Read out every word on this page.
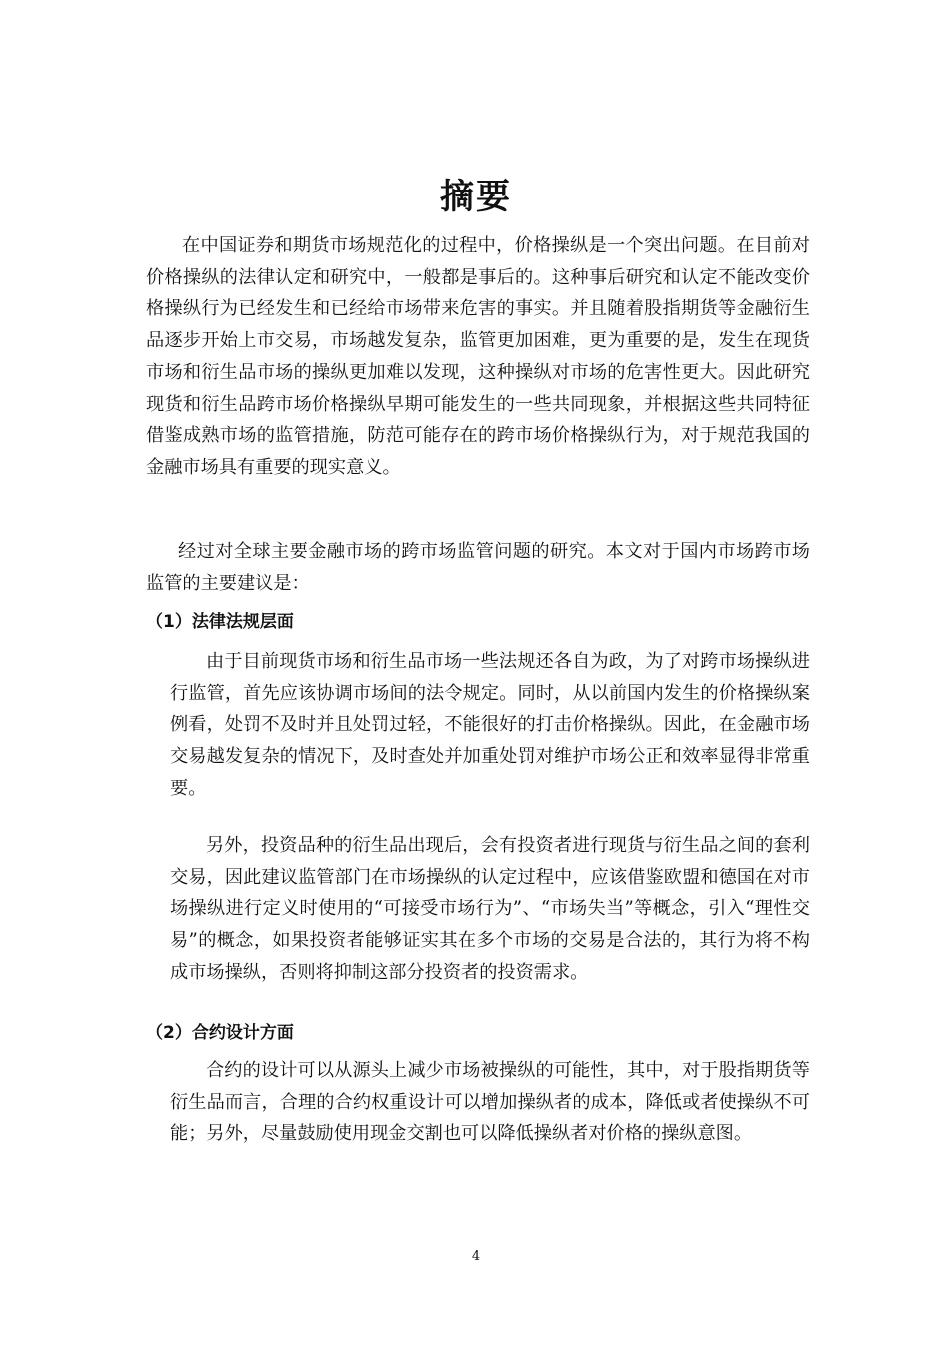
摘要

在中国证券和期货市场规范化的过程中，价格操纵是一个突出问题。在目前对价格操纵的法律认定和研究中，一般都是事后的。这种事后研究和认定不能改变价格操纵行为已经发生和已经给市场带来危害的事实。并且随着股指期货等金融衍生品逐步开始上市交易，市场越发复杂，监管更加困难，更为重要的是，发生在现货市场和衍生品市场的操纵更加难以发现，这种操纵对市场的危害性更大。因此研究现货和衍生品跨市场价格操纵早期可能发生的一些共同现象，并根据这些共同特征借鉴成熟市场的监管措施，防范可能存在的跨市场价格操纵行为，对于规范我国的金融市场具有重要的现实意义。

经过对全球主要金融市场的跨市场监管问题的研究。本文对于国内市场跨市场监管的主要建议是：

（1）法律法规层面

由于目前现货市场和衍生品市场一些法规还各自为政，为了对跨市场操纵进行监管，首先应该协调市场间的法令规定。同时，从以前国内发生的价格操纵案例看，处罚不及时并且处罚过轻，不能很好的打击价格操纵。因此，在金融市场交易越发复杂的情况下，及时查处并加重处罚对维护市场公正和效率显得非常重要。

另外，投资品种的衍生品出现后，会有投资者进行现货与衍生品之间的套利交易，因此建议监管部门在市场操纵的认定过程中，应该借鉴欧盟和德国在对市场操纵进行定义时使用的“可接受市场行为”、“市场失当”等概念，引入“理性交易”的概念，如果投资者能够证实其在多个市场的交易是合法的，其行为将不构成市场操纵，否则将抑制这部分投资者的投资需求。

（2）合约设计方面

合约的设计可以从源头上减少市场被操纵的可能性，其中，对于股指期货等衍生品而言，合理的合约权重设计可以增加操纵者的成本，降低或者使操纵不可能；另外，尽量鼓励使用现金交割也可以降低操纵者对价格的操纵意图。

4
